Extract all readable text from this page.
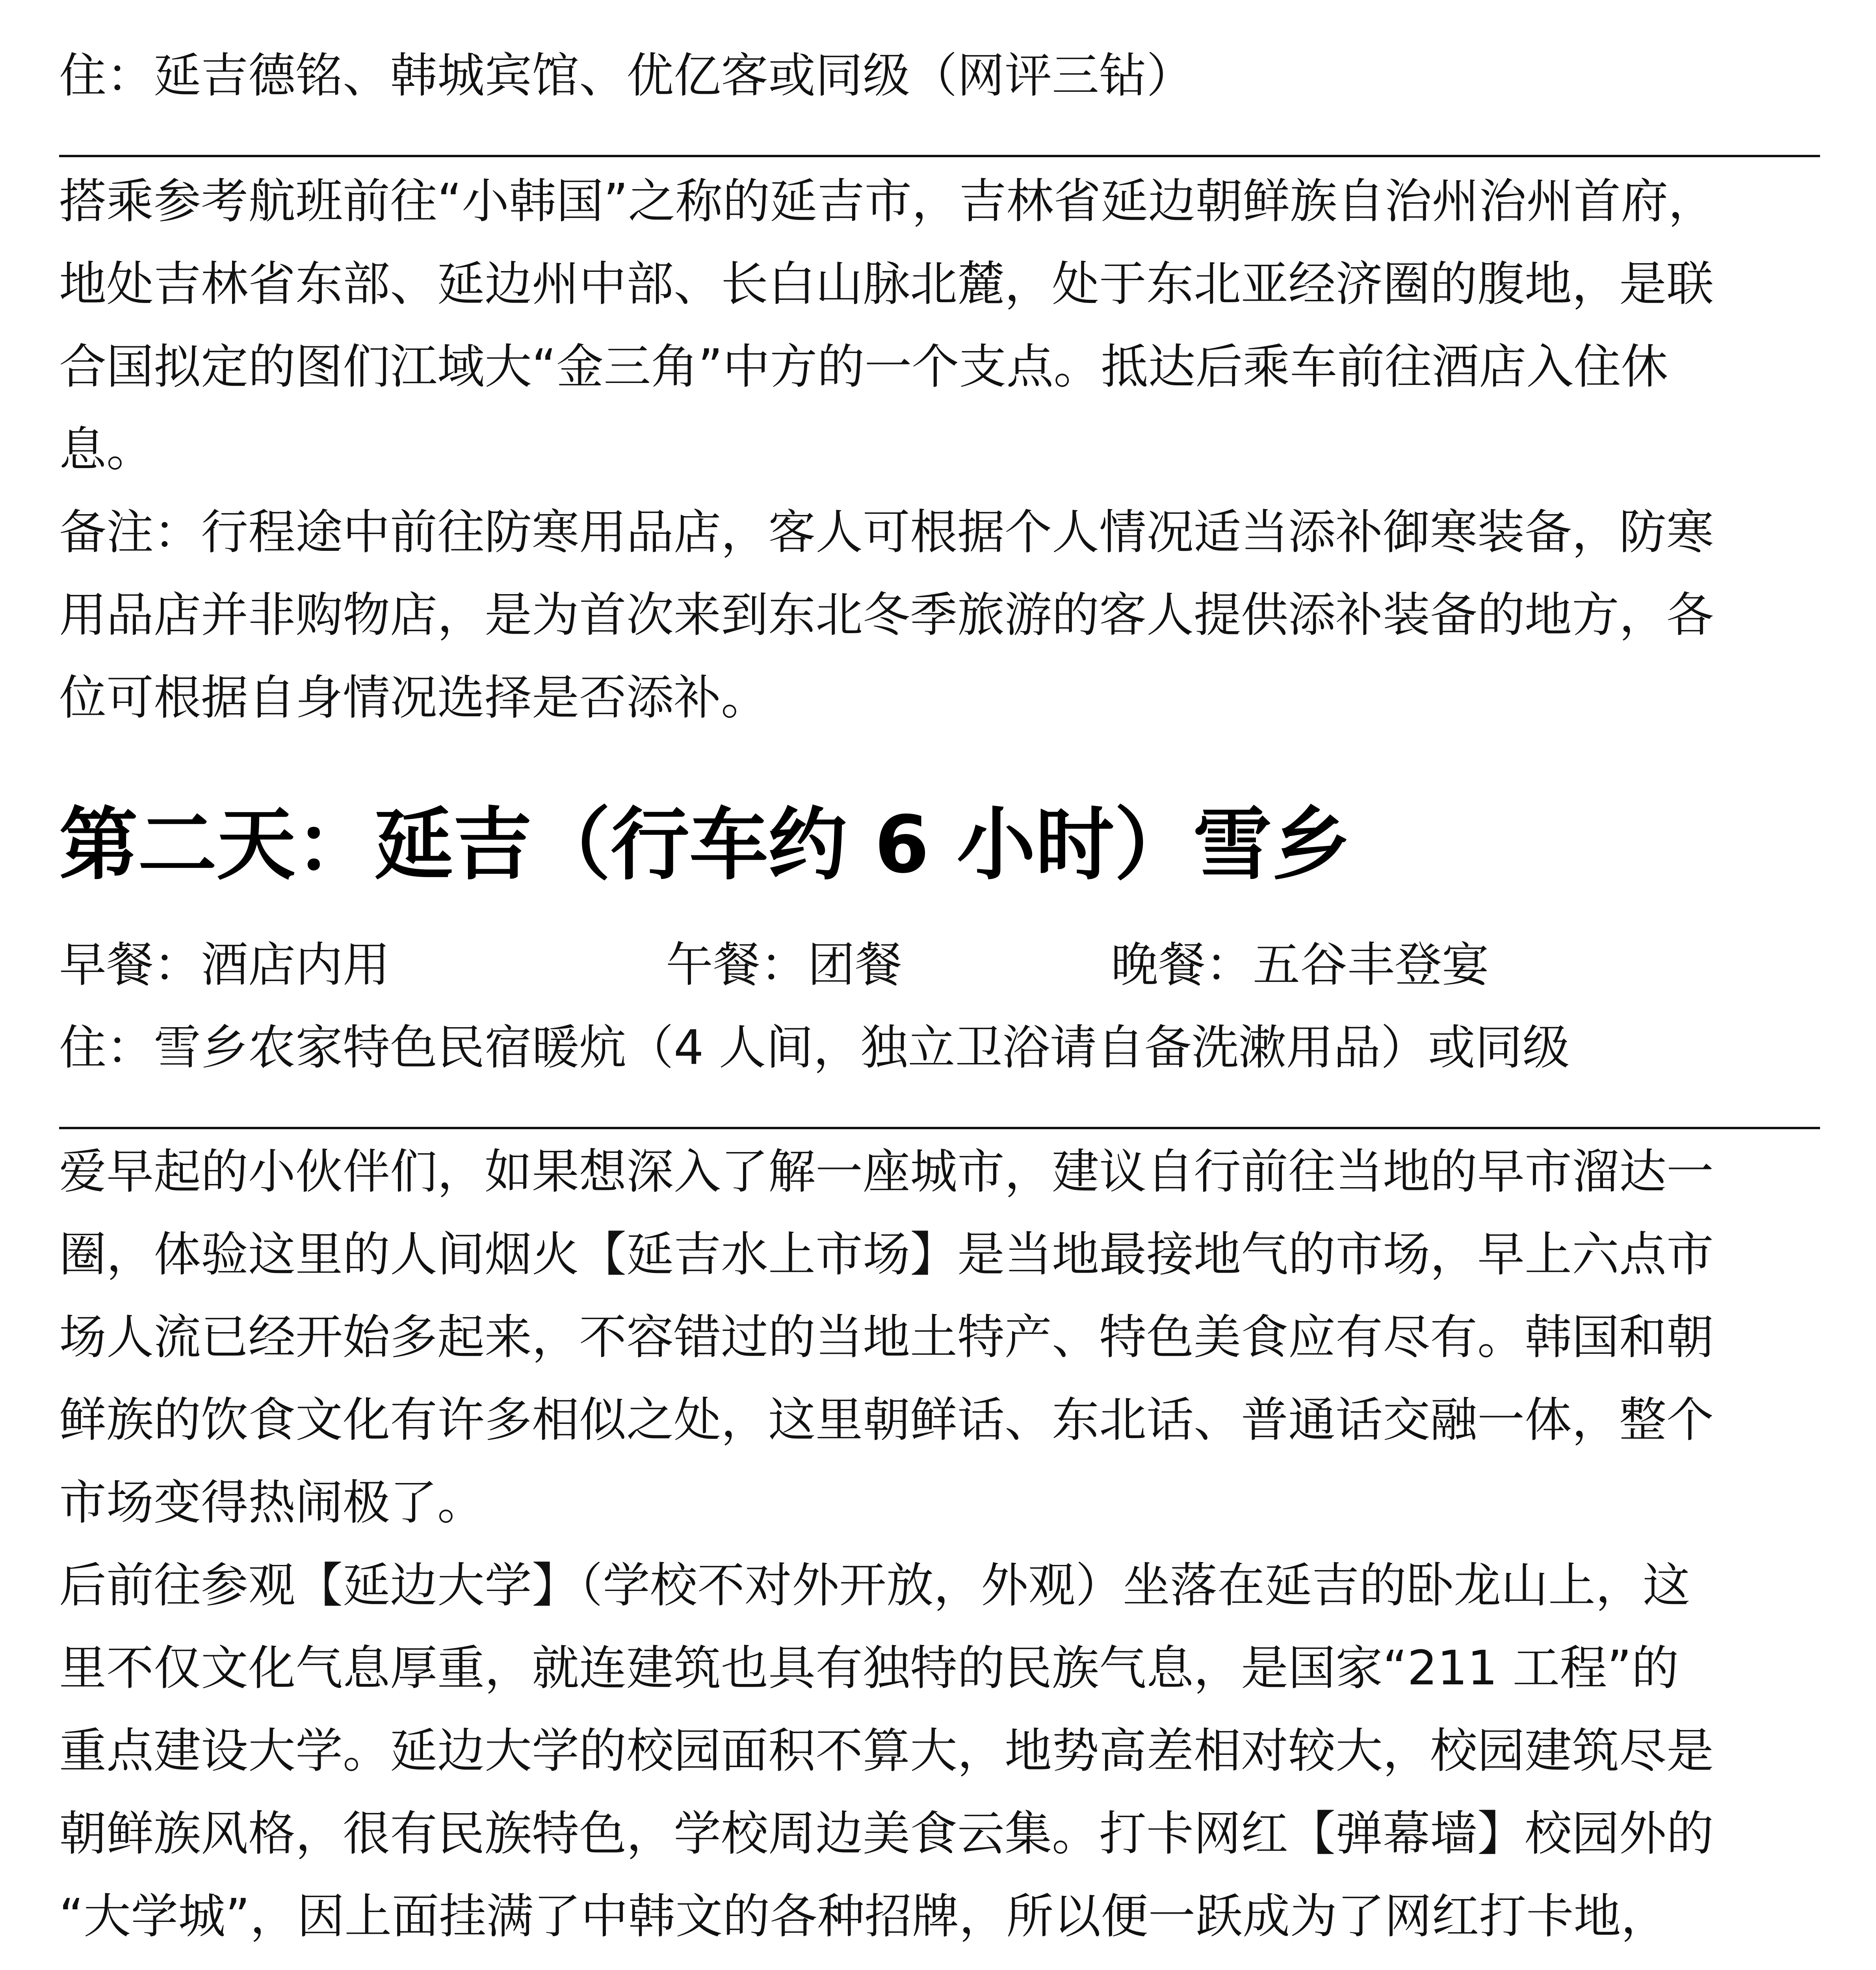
住：延吉德铭、韩城宾馆、优亿客或同级（网评三钻）
搭乘参考航班前往“小韩国”之称的延吉市，吉林省延边朝鲜族自治州治州首府，
地处吉林省东部、延边州中部、长白山脉北麓，处于东北亚经济圈的腹地，是联
合国拟定的图们江域大“金三角”中方的一个支点。抵达后乘车前往酒店入住休
息。
备注：行程途中前往防寒用品店，客人可根据个人情况适当添补御寒装备，防寒
用品店并非购物店，是为首次来到东北冬季旅游的客人提供添补装备的地方，各
位可根据自身情况选择是否添补。
第二天：延吉（行车约 6 小时）雪乡
早餐：酒店内用	午餐：团餐	晚餐：五谷丰登宴
住：雪乡农家特色民宿暖炕（4 人间，独立卫浴请自备洗漱用品）或同级
爱早起的小伙伴们，如果想深入了解一座城市，建议自行前往当地的早市溜达一
圈，体验这里的人间烟火【延吉水上市场】是当地最接地气的市场，早上六点市
场人流已经开始多起来，不容错过的当地土特产、特色美食应有尽有。韩国和朝
鲜族的饮食文化有许多相似之处，这里朝鲜话、东北话、普通话交融一体，整个
市场变得热闹极了。
后前往参观【延边大学】（学校不对外开放，外观）坐落在延吉的卧龙山上，这
里不仅文化气息厚重，就连建筑也具有独特的民族气息，是国家“211 工程”的
重点建设大学。延边大学的校园面积不算大，地势高差相对较大，校园建筑尽是
朝鲜族风格，很有民族特色，学校周边美食云集。打卡网红【弹幕墙】校园外的
“大学城”，因上面挂满了中韩文的各种招牌，所以便一跃成为了网红打卡地，
